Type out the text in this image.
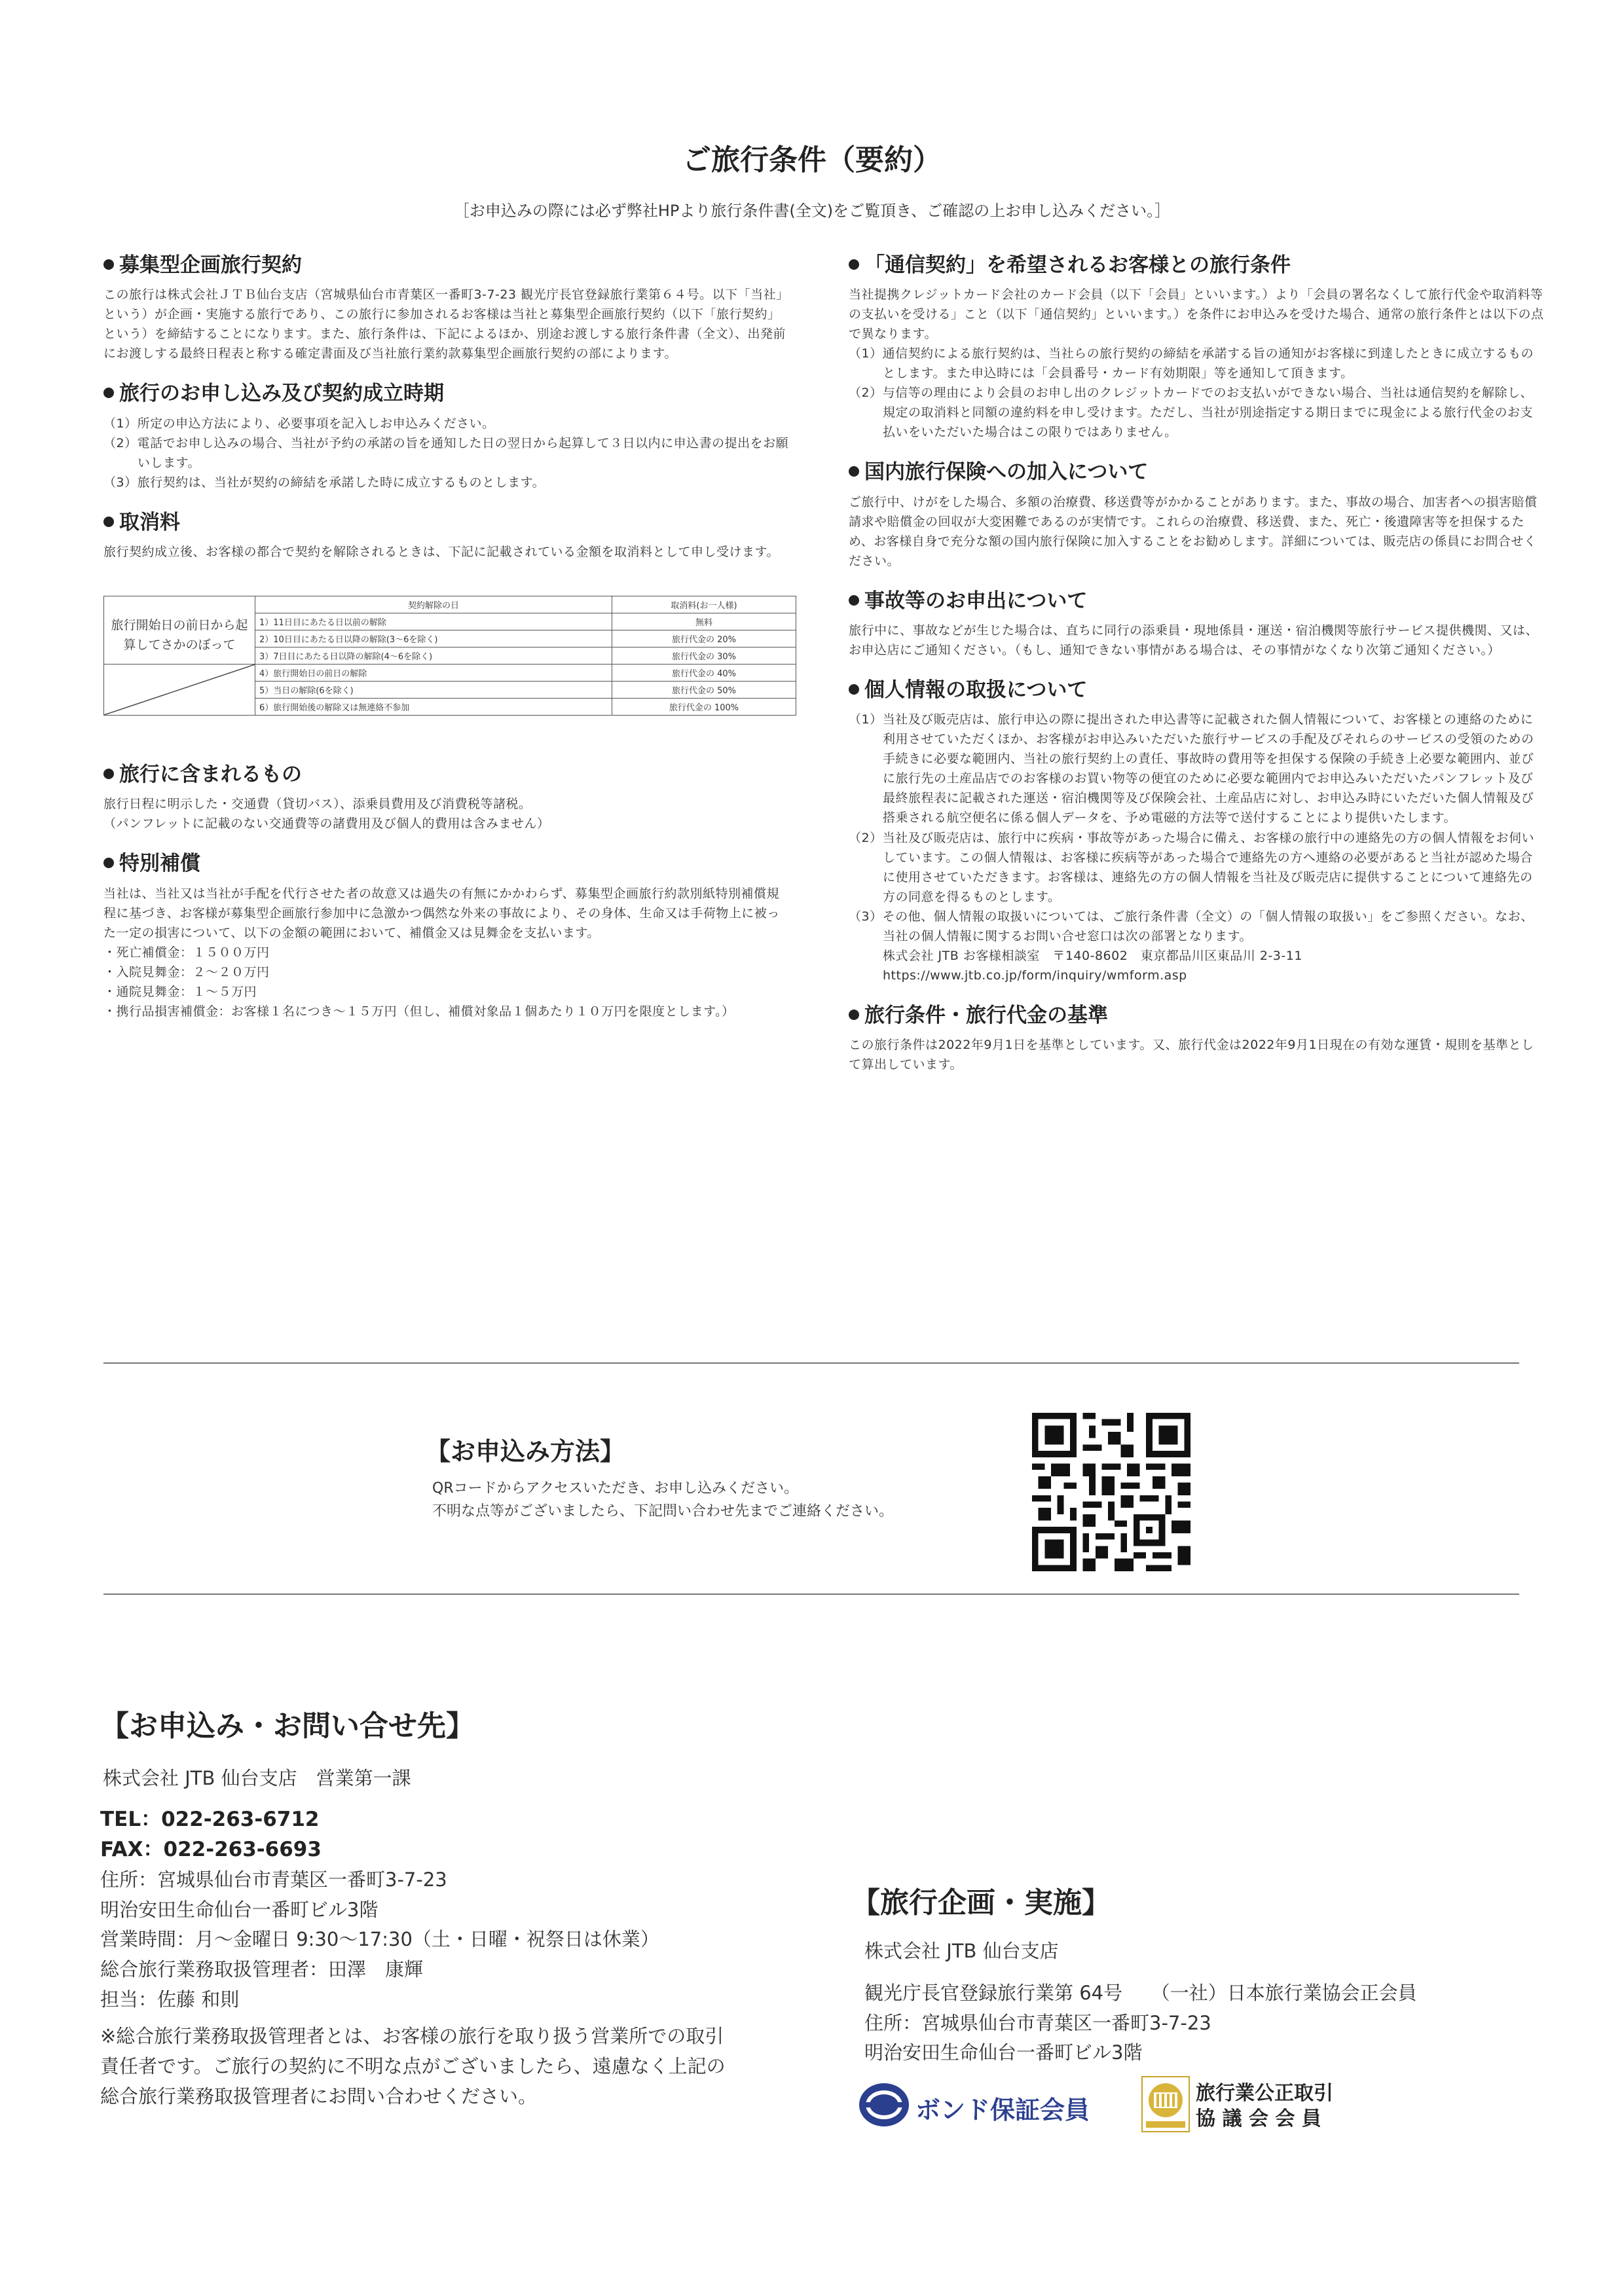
ご旅行条件（要約）
［お申込みの際には必ず弊社HPより旅行条件書(全文)をご覧頂き、ご確認の上お申し込みください。］
募集型企画旅行契約

この旅行は株式会社ＪＴＢ仙台支店（宮城県仙台市青葉区一番町3-7-23 観光庁長官登録旅行業第６４号。以下「当社」という）が企画・実施する旅行であり、この旅行に参加されるお客様は当社と募集型企画旅行契約（以下「旅行契約」という）を締結することになります。また、旅行条件は、下記によるほか、別途お渡しする旅行条件書（全文）、出発前にお渡しする最終日程表と称する確定書面及び当社旅行業約款募集型企画旅行契約の部によります。

旅行のお申し込み及び契約成立時期

（1）所定の申込方法により、必要事項を記入しお申込みください。

（2）電話でお申し込みの場合、当社が予約の承諾の旨を通知した日の翌日から起算して３日以内に申込書の提出をお願いします。

（3）旅行契約は、当社が契約の締結を承諾した時に成立するものとします。

取消料

旅行契約成立後、お客様の都合で契約を解除されるときは、下記に記載されている金額を取消料として申し受けます。

	契約解除の日	取消料(お一人様)
旅行開始日の前日から起算してさかのぼって	1）11日目にあたる日以前の解除	無料
	2）10日目にあたる日以降の解除(3～6を除く)	旅行代金の 20%
	3）7日目にあたる日以降の解除(4～6を除く)	旅行代金の 30%

	4）旅行開始日の前日の解除	旅行代金の 40%
	5）当日の解除(6を除く)	旅行代金の 50%
	6）旅行開始後の解除又は無連絡不参加	旅行代金の 100%
旅行に含まれるもの

旅行日程に明示した・交通費（貸切バス）、添乗員費用及び消費税等諸税。

（パンフレットに記載のない交通費等の諸費用及び個人的費用は含みません）

特別補償

当社は、当社又は当社が手配を代行させた者の故意又は過失の有無にかかわらず、募集型企画旅行約款別紙特別補償規程に基づき、お客様が募集型企画旅行参加中に急激かつ偶然な外来の事故により、その身体、生命又は手荷物上に被った一定の損害について、以下の金額の範囲において、補償金又は見舞金を支払います。

・死亡補償金：１５００万円

・入院見舞金：２～２０万円

・通院見舞金：１～５万円

・携行品損害補償金：お客様１名につき～１５万円（但し、補償対象品１個あたり１０万円を限度とします。）

「通信契約」を希望されるお客様との旅行条件

当社提携クレジットカード会社のカード会員（以下「会員」といいます。）より「会員の署名なくして旅行代金や取消料等の支払いを受ける」こと（以下「通信契約」といいます。）を条件にお申込みを受けた場合、通常の旅行条件とは以下の点で異なります。

（1）通信契約による旅行契約は、当社らの旅行契約の締結を承諾する旨の通知がお客様に到達したときに成立するものとします。また申込時には「会員番号・カード有効期限」等を通知して頂きます。

（2）与信等の理由により会員のお申し出のクレジットカードでのお支払いができない場合、当社は通信契約を解除し、規定の取消料と同額の違約料を申し受けます。ただし、当社が別途指定する期日までに現金による旅行代金のお支払いをいただいた場合はこの限りではありません。

国内旅行保険への加入について

ご旅行中、けがをした場合、多額の治療費、移送費等がかかることがあります。また、事故の場合、加害者への損害賠償請求や賠償金の回収が大変困難であるのが実情です。これらの治療費、移送費、また、死亡・後遺障害等を担保するため、お客様自身で充分な額の国内旅行保険に加入することをお勧めします。詳細については、販売店の係員にお問合せください。

事故等のお申出について

旅行中に、事故などが生じた場合は、直ちに同行の添乗員・現地係員・運送・宿泊機関等旅行サービス提供機関、又は、お申込店にご通知ください。（もし、通知できない事情がある場合は、その事情がなくなり次第ご通知ください。）

個人情報の取扱について

（1）当社及び販売店は、旅行申込の際に提出された申込書等に記載された個人情報について、お客様との連絡のために利用させていただくほか、お客様がお申込みいただいた旅行サービスの手配及びそれらのサービスの受領のための手続きに必要な範囲内、当社の旅行契約上の責任、事故時の費用等を担保する保険の手続き上必要な範囲内、並びに旅行先の土産品店でのお客様のお買い物等の便宜のために必要な範囲内でお申込みいただいたパンフレット及び最終旅程表に記載された運送・宿泊機関等及び保険会社、土産品店に対し、お申込み時にいただいた個人情報及び搭乗される航空便名に係る個人データを、予め電磁的方法等で送付することにより提供いたします。

（2）当社及び販売店は、旅行中に疾病・事故等があった場合に備え、お客様の旅行中の連絡先の方の個人情報をお伺いしています。この個人情報は、お客様に疾病等があった場合で連絡先の方へ連絡の必要があると当社が認めた場合に使用させていただきます。お客様は、連絡先の方の個人情報を当社及び販売店に提供することについて連絡先の方の同意を得るものとします。

（3）その他、個人情報の取扱いについては、ご旅行条件書（全文）の「個人情報の取扱い」をご参照ください。なお、当社の個人情報に関するお問い合せ窓口は次の部署となります。

株式会社 JTB お客様相談室　〒140-8602　東京都品川区東品川 2-3-11

https://www.jtb.co.jp/form/inquiry/wmform.asp

旅行条件・旅行代金の基準

この旅行条件は2022年9月1日を基準としています。又、旅行代金は2022年9月1日現在の有効な運賃・規則を基準として算出しています。

【お申込み方法】
QRコードからアクセスいただき、お申し込みください。
不明な点等がございましたら、下記問い合わせ先までご連絡ください。
【お申込み・お問い合せ先】
株式会社 JTB 仙台支店　営業第一課
TEL：022-263-6712
FAX：022-263-6693
住所：宮城県仙台市青葉区一番町3-7-23
明治安田生命仙台一番町ビル3階
営業時間：月～金曜日 9:30～17:30（土・日曜・祝祭日は休業）
総合旅行業務取扱管理者：田澤　康輝
担当：佐藤 和則
※総合旅行業務取扱管理者とは、お客様の旅行を取り扱う営業所での取引責任者です。ご旅行の契約に不明な点がございましたら、遠慮なく上記の総合旅行業務取扱管理者にお問い合わせください。
【旅行企画・実施】
株式会社 JTB 仙台支店
観光庁長官登録旅行業第 64号　　（一社）日本旅行業協会正会員
住所：宮城県仙台市青葉区一番町3-7-23
明治安田生命仙台一番町ビル3階
ボンド保証会員
旅行業公正取引
協 議 会 会 員
